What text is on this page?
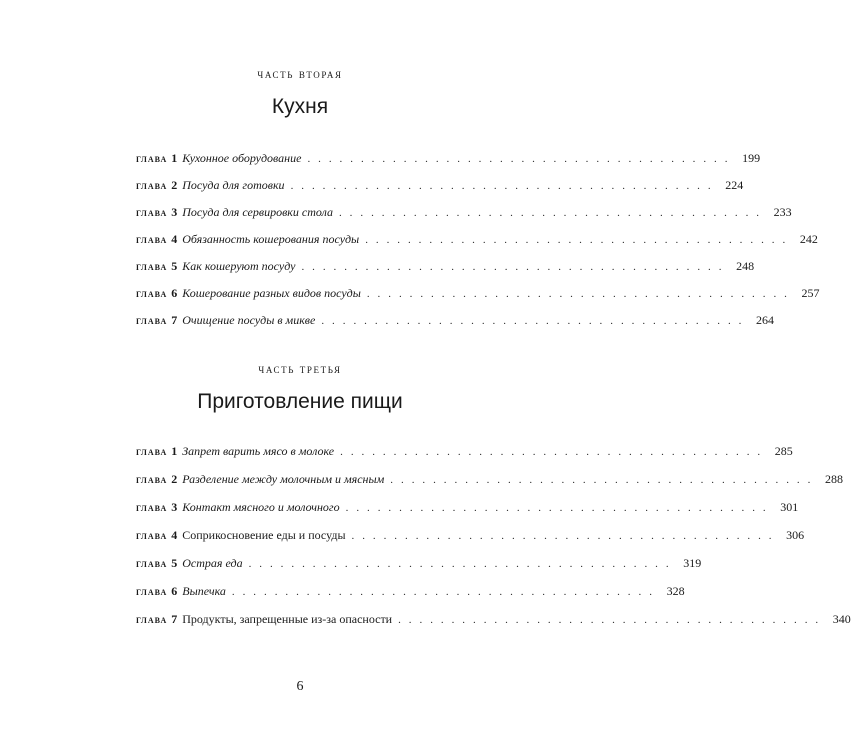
часть вторая
Кухня
глава 1 Кухонное оборудование . . . . . . . . . . . . . . . . . . . . . . . . . . . . . . . . . . . . . . . .	199
глава 2 Посуда для готовки . . . . . . . . . . . . . . . . . . . . . . . . . . . . . . . . . . . . . . . .	224
глава 3 Посуда для сервировки стола . . . . . . . . . . . . . . . . . . . . . . . . . . . . . . . . . . . . . . . .	233
глава 4 Обязанность кошерования посуды . . . . . . . . . . . . . . . . . . . . . . . . . . . . . . . . . . . . . . . .	242
глава 5 Как кошеруют посуду . . . . . . . . . . . . . . . . . . . . . . . . . . . . . . . . . . . . . . . .	248
глава 6 Кошерование разных видов посуды . . . . . . . . . . . . . . . . . . . . . . . . . . . . . . . . . . . . . . . .	257
глава 7 Очищение посуды в микве . . . . . . . . . . . . . . . . . . . . . . . . . . . . . . . . . . . . . . . .	264
часть третья
Приготовление пищи
глава 1 Запрет варить мясо в молоке . . . . . . . . . . . . . . . . . . . . . . . . . . . . . . . . . . . . . . . .	285
глава 2 Разделение между молочным и мясным . . . . . . . . . . . . . . . . . . . . . . . . . . . . . . . . . . . . . . . .	288
глава 3 Контакт мясного и молочного . . . . . . . . . . . . . . . . . . . . . . . . . . . . . . . . . . . . . . . .	301
глава 4 Соприкосновение еды и посуды . . . . . . . . . . . . . . . . . . . . . . . . . . . . . . . . . . . . . . . .	306
глава 5 Острая еда . . . . . . . . . . . . . . . . . . . . . . . . . . . . . . . . . . . . . . . .	319
глава 6 Выпечка . . . . . . . . . . . . . . . . . . . . . . . . . . . . . . . . . . . . . . . .	328
глава 7 Продукты, запрещенные из-за опасности . . . . . . . . . . . . . . . . . . . . . . . . . . . . . . . . . . . . . . . .	340
6
